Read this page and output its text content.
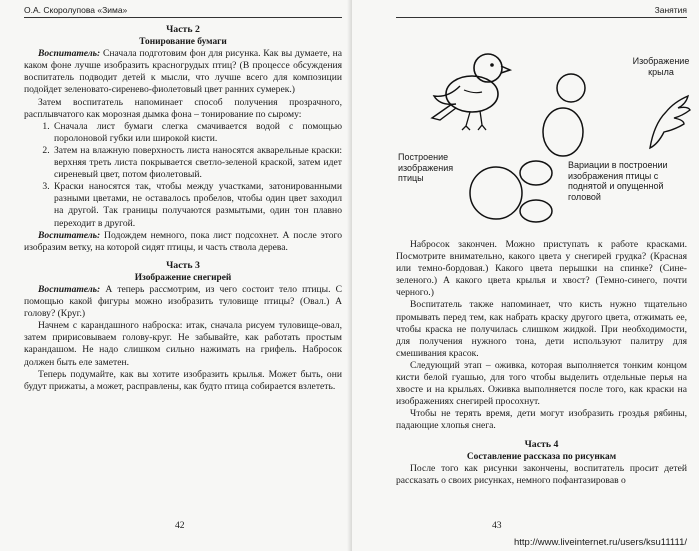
О.А. Скоролупова «Зима»

Часть 2

Тонирование бумаги

Воспитатель: Сначала подготовим фон для рисунка. Как вы думаете, на каком фоне лучше изобразить красногрудых птиц? (В процессе обсуждения воспитатель подводит детей к мысли, что лучше всего для композиции подойдет зеленовато-сиренево-фиолетовый цвет ранних сумерек.)

Затем воспитатель напоминает способ получения прозрачного, расплывчатого как морозная дымка фона – тонирование по сырому:

1. Сначала лист бумаги слегка смачивается водой с помощью поролоновой губки или широкой кисти.
2. Затем на влажную поверхность листа наносятся акварельные краски: верхняя треть листа покрывается светло-зеленой краской, затем идет сиреневый цвет, потом фиолетовый.
3. Краски наносятся так, чтобы между участками, затонированными разными цветами, не оставалось пробелов, чтобы один цвет заходил на другой. Так границы получаются размытыми, один тон плавно переходит в другой.

Воспитатель: Подождем немного, пока лист подсохнет. А после этого изобразим ветку, на которой сидят птицы, и часть ствола дерева.

Часть 3

Изображение снегирей

Воспитатель: А теперь рассмотрим, из чего состоит тело птицы. С помощью какой фигуры можно изобразить туловище птицы? (Овал.) А голову? (Круг.)

Начнем с карандашного наброска: итак, сначала рисуем туловище-овал, затем пририсовываем голову-круг. Не забывайте, как работать простым карандашом. Не надо слишком сильно нажимать на грифель. Набросок должен быть еле заметен.

Теперь подумайте, как вы хотите изобразить крылья. Может быть, они будут прижаты, а может, расправлены, как будто птица собирается взлететь.

42
Занятия
Изображение крыла
Построение изображения птицы
Вариации в построении изображения птицы с поднятой и опущенной головой

Набросок закончен. Можно приступать к работе красками. Посмотрите внимательно, какого цвета у снегирей грудка? (Красная или темно-бордовая.) Какого цвета перышки на спинке? (Сине-зеленого.) А какого цвета крылья и хвост? (Темно-синего, почти черного.)

Воспитатель также напоминает, что кисть нужно тщательно промывать перед тем, как набрать краску другого цвета, отжимать ее, чтобы краска не получилась слишком жидкой. При необходимости, для получения нужного тона, дети используют палитру для смешивания красок.

Следующий этап – оживка, которая выполняется тонким концом кисти белой гуашью, для того чтобы выделить отдельные перья на хвосте и на крыльях. Оживка выполняется после того, как краски на изображениях снегирей просохнут.

Чтобы не терять время, дети могут изобразить гроздья рябины, падающие хлопья снега.

Часть 4

Составление рассказа по рисункам

После того как рисунки закончены, воспитатель просит детей рассказать о своих рисунках, немного пофантазировав о

43
http://www.liveinternet.ru/users/ksu11111/
